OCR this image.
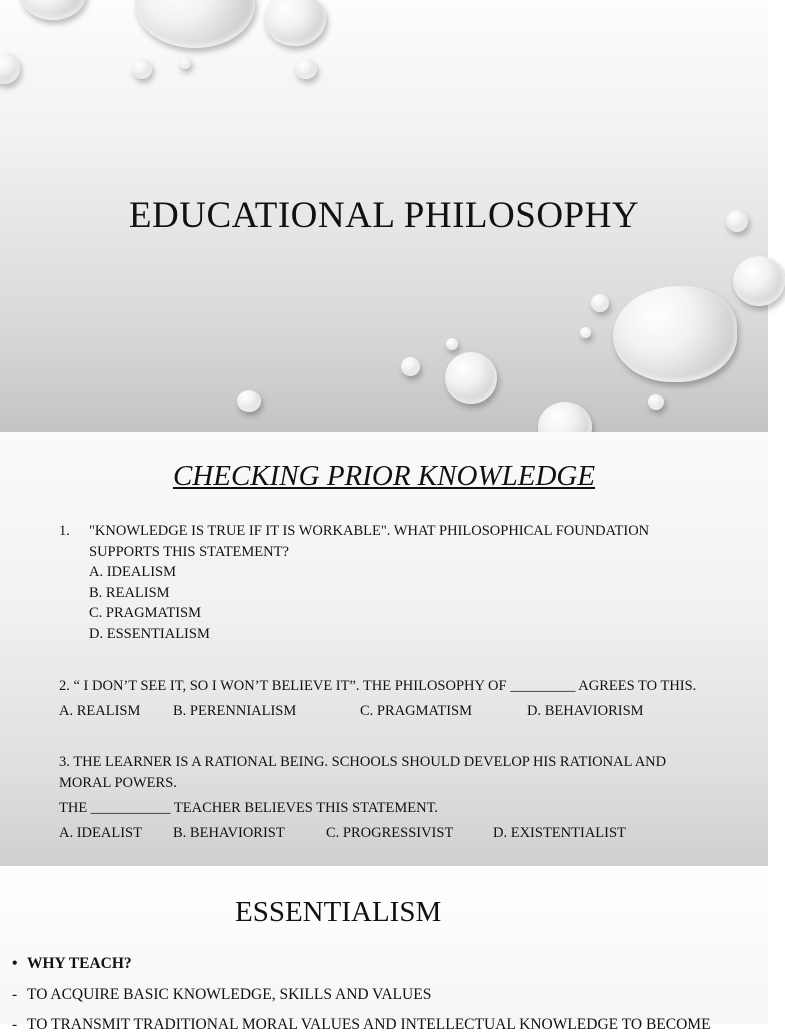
EDUCATIONAL PHILOSOPHY
CHECKING PRIOR KNOWLEDGE
1. "KNOWLEDGE IS TRUE IF IT IS WORKABLE". WHAT PHILOSOPHICAL FOUNDATION SUPPORTS THIS STATEMENT?
A. IDEALISM
B. REALISM
C. PRAGMATISM
D. ESSENTIALISM
2. “ I DON’T SEE IT, SO I WON’T BELIEVE IT”. THE PHILOSOPHY OF _________ AGREES TO THIS.
A. REALISM B. PERENNIALISM	C. PRAGMATISM	D. BEHAVIORISM
3. THE LEARNER IS A RATIONAL BEING. SCHOOLS SHOULD DEVELOP HIS RATIONAL AND MORAL POWERS.
THE ___________ TEACHER BELIEVES THIS STATEMENT.
A. IDEALIST B. BEHAVIORIST	C. PROGRESSIVIST	D. EXISTENTIALIST
ESSENTIALISM
• WHY TEACH?
- TO ACQUIRE BASIC KNOWLEDGE, SKILLS AND VALUES
- TO TRANSMIT TRADITIONAL MORAL VALUES AND INTELLECTUAL KNOWLEDGE TO BECOME
